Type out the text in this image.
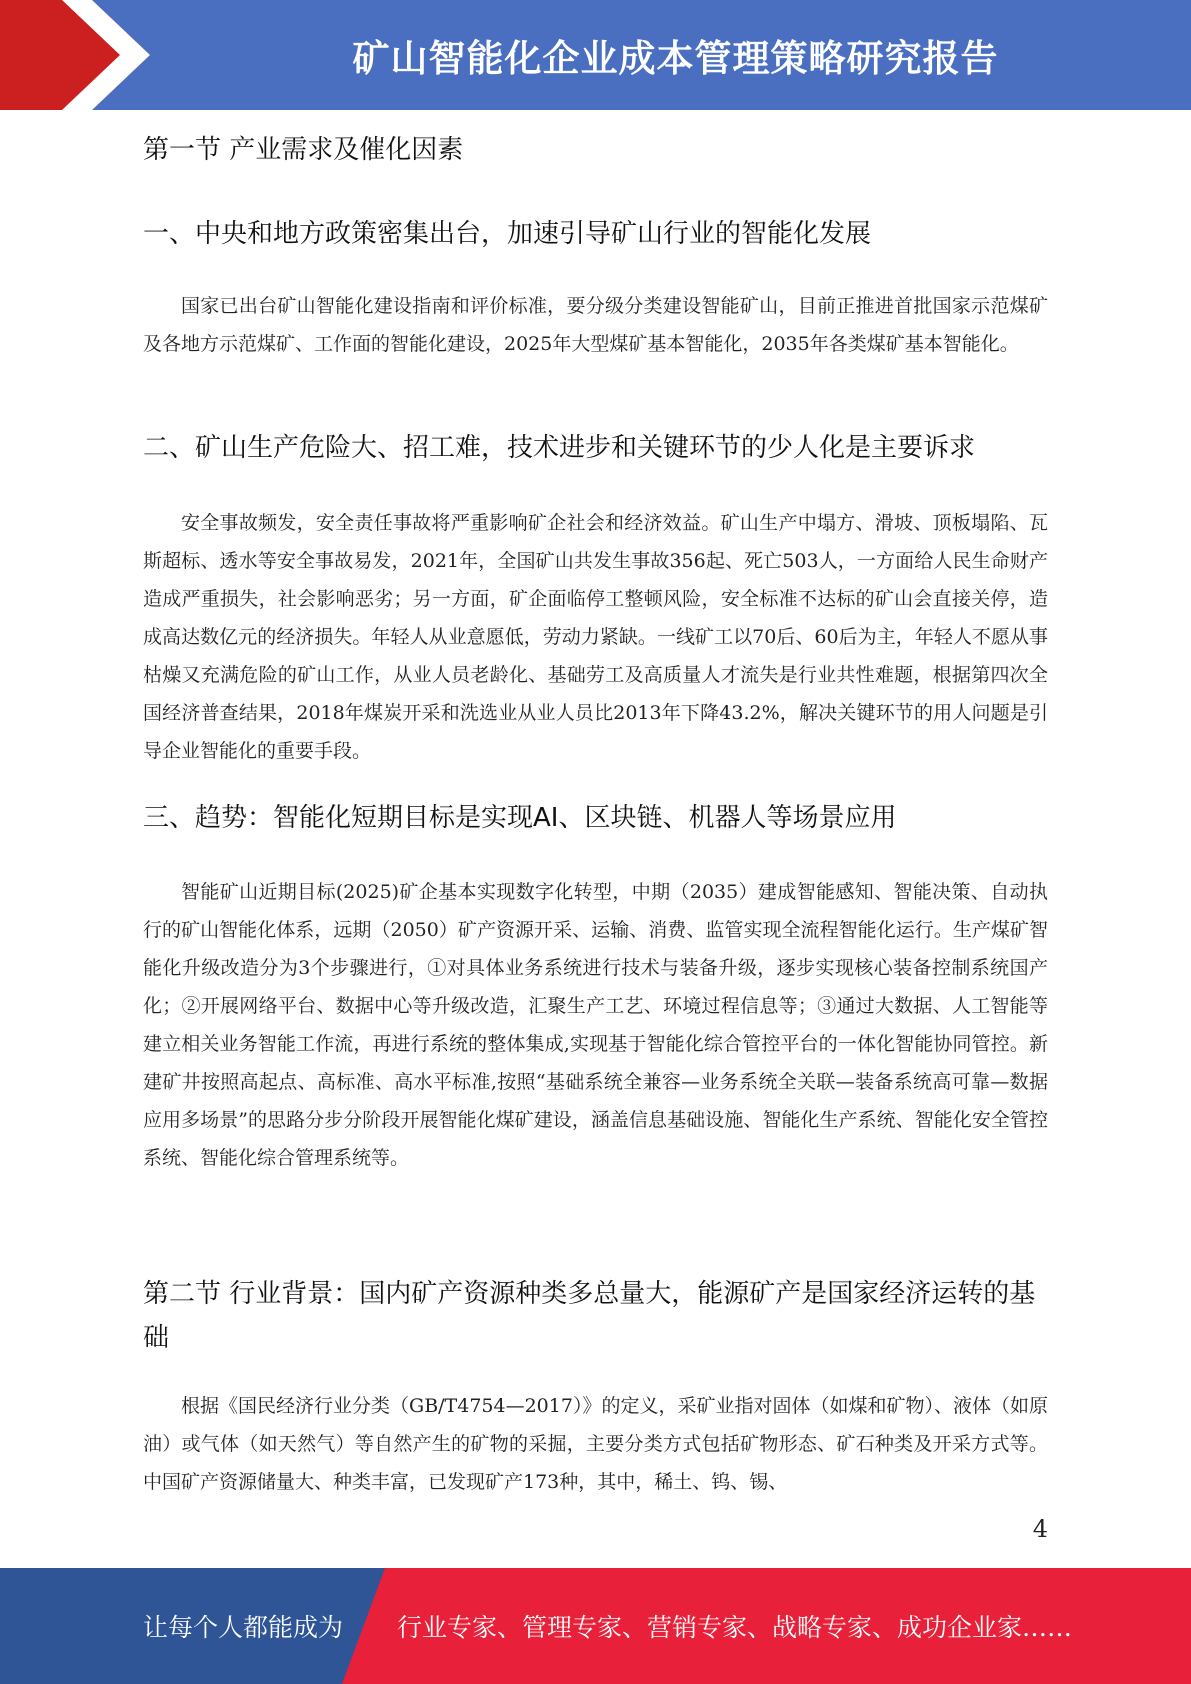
矿山智能化企业成本管理策略研究报告
第一节 产业需求及催化因素
一、中央和地方政策密集出台，加速引导矿山行业的智能化发展

国家已出台矿山智能化建设指南和评价标准，要分级分类建设智能矿山，目前正推进首批国家示范煤矿及各地方示范煤矿、工作面的智能化建设，2025年大型煤矿基本智能化，2035年各类煤矿基本智能化。

二、矿山生产危险大、招工难，技术进步和关键环节的少人化是主要诉求

安全事故频发，安全责任事故将严重影响矿企社会和经济效益。矿山生产中塌方、滑坡、顶板塌陷、瓦斯超标、透水等安全事故易发，2021年，全国矿山共发生事故356起、死亡503人，一方面给人民生命财产造成严重损失，社会影响恶劣；另一方面，矿企面临停工整顿风险，安全标准不达标的矿山会直接关停，造成高达数亿元的经济损失。年轻人从业意愿低，劳动力紧缺。一线矿工以70后、60后为主，年轻人不愿从事枯燥又充满危险的矿山工作，从业人员老龄化、基础劳工及高质量人才流失是行业共性难题，根据第四次全国经济普查结果，2018年煤炭开采和洗选业从业人员比2013年下降43.2%，解决关键环节的用人问题是引导企业智能化的重要手段。

三、趋势：智能化短期目标是实现AI、区块链、机器人等场景应用

智能矿山近期目标(2025)矿企基本实现数字化转型，中期（2035）建成智能感知、智能决策、自动执行的矿山智能化体系，远期（2050）矿产资源开采、运输、消费、监管实现全流程智能化运行。生产煤矿智能化升级改造分为3个步骤进行，①对具体业务系统进行技术与装备升级，逐步实现核心装备控制系统国产化；②开展网络平台、数据中心等升级改造，汇聚生产工艺、环境过程信息等；③通过大数据、人工智能等建立相关业务智能工作流，再进行系统的整体集成,实现基于智能化综合管控平台的一体化智能协同管控。新建矿井按照高起点、高标准、高水平标准,按照“基础系统全兼容—业务系统全关联—装备系统高可靠—数据应用多场景”的思路分步分阶段开展智能化煤矿建设，涵盖信息基础设施、智能化生产系统、智能化安全管控系统、智能化综合管理系统等。

第二节 行业背景：国内矿产资源种类多总量大，能源矿产是国家经济运转的基础

根据《国民经济行业分类（GB/T4754—2017）》的定义，采矿业指对固体（如煤和矿物）、液体（如原油）或气体（如天然气）等自然产生的矿物的采掘，主要分类方式包括矿物形态、矿石种类及开采方式等。中国矿产资源储量大、种类丰富，已发现矿产173种，其中，稀土、钨、锡、

4
让每个人都能成为 行业专家、管理专家、营销专家、战略专家、成功企业家……
